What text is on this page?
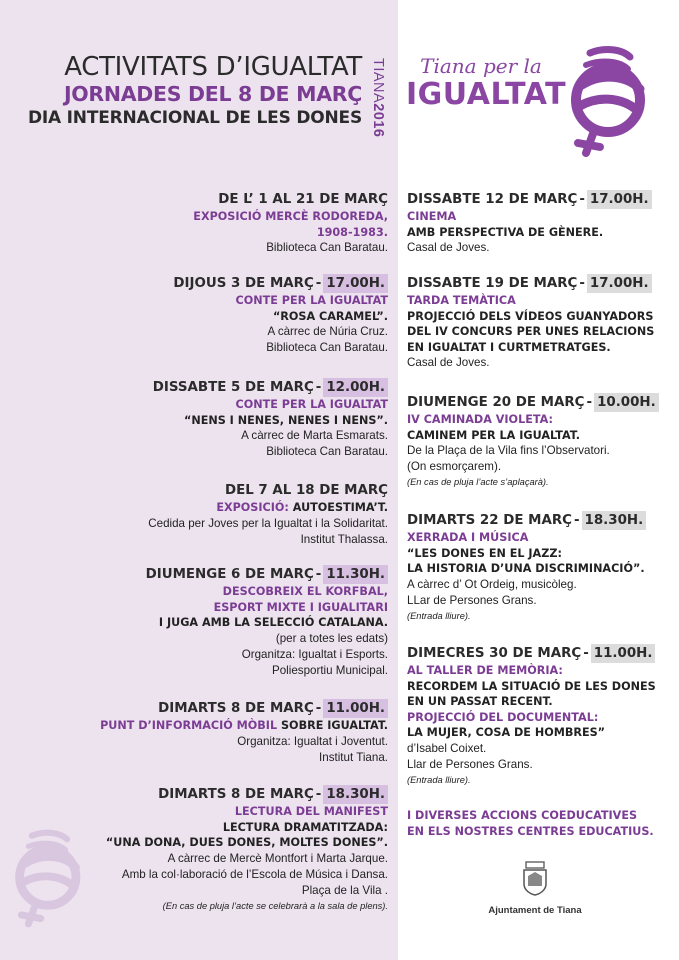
ACTIVITATS D’IGUALTAT
JORNADES DEL 8 DE MARÇ
DIA INTERNACIONAL DE LES DONES
TIANA2016
Tiana per la
IGUALTAT
DE L’ 1 AL 21 DE MARÇ
EXPOSICIÓ MERCÈ RODOREDA,
1908-1983.
Biblioteca Can Baratau.
DIJOUS 3 DE MARÇ - 17.00H.
CONTE PER LA IGUALTAT
“ROSA CARAMEL”.
A càrrec de Núria Cruz.
Biblioteca Can Baratau.
DISSABTE 5 DE MARÇ - 12.00H.
CONTE PER LA IGUALTAT
“NENS I NENES, NENES I NENS”.
A càrrec de Marta Esmarats.
Biblioteca Can Baratau.
DEL 7 AL 18 DE MARÇ
EXPOSICIÓ: AUTOESTIMA’T.
Cedida per Joves per la Igualtat i la Solidaritat.
Institut Thalassa.
DIUMENGE 6 DE MARÇ - 11.30H.
DESCOBREIX EL KORFBAL,
ESPORT MIXTE I IGUALITARI
I JUGA AMB LA SELECCIÓ CATALANA.
(per a totes les edats)
Organitza: Igualtat i Esports.
Poliesportiu Municipal.
DIMARTS 8 DE MARÇ - 11.00H.
PUNT D’INFORMACIÓ MÒBIL SOBRE IGUALTAT.
Organitza: Igualtat i Joventut.
Institut Tiana.
DIMARTS 8 DE MARÇ - 18.30H.
LECTURA DEL MANIFEST
LECTURA DRAMATITZADA:
“UNA DONA, DUES DONES, MOLTES DONES”.
A càrrec de Mercè Montfort i Marta Jarque.
Amb la col·laboració de l’Escola de Música i Dansa.
Plaça de la Vila .
(En cas de pluja l’acte se celebrarà a la sala de plens).
DISSABTE 12 DE MARÇ - 17.00H.
CINEMA
AMB PERSPECTIVA DE GÈNERE.
Casal de Joves.
DISSABTE 19 DE MARÇ - 17.00H.
TARDA TEMÀTICA
PROJECCIÓ DELS VÍDEOS GUANYADORS
DEL IV CONCURS PER UNES RELACIONS
EN IGUALTAT I CURTMETRATGES.
Casal de Joves.
DIUMENGE 20 DE MARÇ - 10.00H.
IV CAMINADA VIOLETA:
CAMINEM PER LA IGUALTAT.
De la Plaça de la Vila fins l’Observatori.
(On esmorçarem).
(En cas de pluja l’acte s’aplaçarà).
DIMARTS 22 DE MARÇ - 18.30H.
XERRADA I MÚSICA
“LES DONES EN EL JAZZ:
LA HISTORIA D’UNA DISCRIMINACIÓ”.
A càrrec d’ Ot Ordeig, musicòleg.
LLar de Persones Grans.
(Entrada lliure).
DIMECRES 30 DE MARÇ - 11.00H.
AL TALLER DE MEMÒRIA:
RECORDEM LA SITUACIÓ DE LES DONES
EN UN PASSAT RECENT.
PROJECCIÓ DEL DOCUMENTAL:
LA MUJER, COSA DE HOMBRES”
d’Isabel Coixet.
Llar de Persones Grans.
(Entrada lliure).
I DIVERSES ACCIONS COEDUCATIVES
EN ELS NOSTRES CENTRES EDUCATIUS.
Ajuntament de Tiana
